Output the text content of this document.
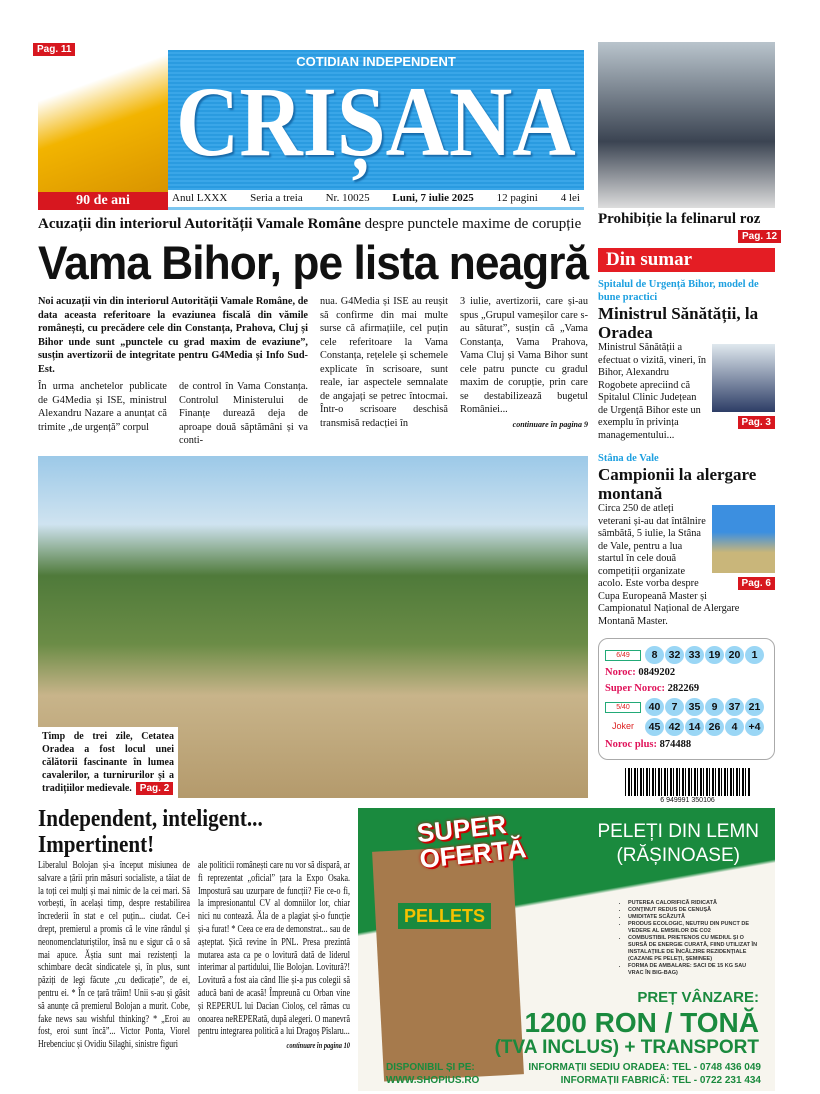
Pag. 11
90 de ani
COTIDIAN INDEPENDENT
CRIȘANA
Anul LXXX Seria a treia Nr. 10025 Luni, 7 iulie 2025 12 pagini 4 lei
Prohibiție la felinarul roz
Pag. 12
Din sumar
Acuzații din interiorul Autorității Vamale Române despre punctele maxime de corupție
Vama Bihor, pe lista neagră
Noi acuzații vin din interiorul Autorității Vamale Române, de data aceasta referitoare la evaziunea fiscală din vămile românești, cu precădere cele din Constanța, Prahova, Cluj și Bihor unde sunt „punctele cu grad maxim de evaziune”, susțin avertizorii de integritate pentru G4Media și Info Sud-Est.
În urma anchetelor publicate de G4Media și ISE, ministrul Alexandru Nazare a anunțat că trimite „de urgență” corpul
de control în Vama Constanța. Controlul Ministerului de Finanțe durează deja de aproape două săptămâni și va conti-
nua. G4Media și ISE au reușit să confirme din mai multe surse că afirmațiile, cel puțin cele referitoare la Vama Constanța, rețelele și schemele explicate în scrisoare, sunt reale, iar aspectele semnalate de angajați se petrec întocmai. Într-o scrisoare deschisă transmisă redacției în
3 iulie, avertizorii, care și-au spus „Grupul vameșilor care s-au săturat”, susțin că „Vama Constanța, Vama Prahova, Vama Cluj și Vama Bihor sunt cele patru puncte cu gradul maxim de corupție, prin care se destabilizează bugetul României...
continuare în pagina 9
Timp de trei zile, Cetatea Oradea a fost locul unei călătorii fascinante în lumea cavalerilor, a turnirurilor și a tradițiilor medievale. Pag. 2
Spitalul de Urgență Bihor, model de bune practici
Ministrul Sănătății, la Oradea
Pag. 3
Ministrul Sănătății a efectuat o vizită, vineri, în Bihor, Alexandru Rogobete apreciind că Spitalul Clinic Județean de Urgență Bihor este un exemplu în privința managementului...
Stâna de Vale
Campionii la alergare montană
Pag. 6
Circa 250 de atleți veterani și-au dat întâlnire sâmbătă, 5 iulie, la Stâna de Vale, pentru a lua startul în cele două competiții organizate acolo. Este vorba despre Cupa Europeană Master și Campionatul Național de Alergare Montană Master.
6/49	8	32 33 19 20	1
Noroc: 0849202
Super Noroc: 282269
5/40	40	7	35	9	37 21
Joker	45 42 14 26	4	+4
Noroc plus: 874488
6 949991 350106
Independent, inteligent... Impertinent!
Liberalul Bolojan și-a început misiunea de salvare a țării prin măsuri socialiste, a tăiat de la toți cei mulți și mai nimic de la cei mari. Să vorbești, în același timp, despre restabilirea încrederii în stat e cel puțin... ciudat. Ce-i drept, premierul a promis că le vine rândul și neonomenclaturiștilor, însă nu e sigur că o să mai apuce. Ăștia sunt mai rezistenți la schimbare decât sindicatele și, în plus, sunt păziți de legi făcute „cu dedicație”, de ei, pentru ei. * În ce țară trăim! Unii s-au și găsit să anunțe că premierul Bolojan a murit. Cobe, fake news sau wishful thinking? * „Eroi au fost, eroi sunt încă”... Victor Ponta, Viorel Hrebenciuc și Ovidiu Silaghi, sinistre figuri
ale politicii românești care nu vor să dispară, ar fi reprezentat „oficial” țara la Expo Osaka. Impostură sau uzurpare de funcții? Fie ce-o fi, la impresionantul CV al domniilor lor, chiar nici nu contează. Ăla de a plagiat și-o funcție și-a furat! * Ceea ce era de demonstrat... sau de așteptat. Șică revine în PNL. Presa prezintă mutarea asta ca pe o lovitură dată de liderul interimar al partidului, Ilie Bolojan. Lovitură?! Lovitură a fost aia când Ilie și-a pus colegii să aducă bani de acasă! Împreună cu Orban vine și REPERUL lui Dacian Cioloș, cel rămas cu onoarea neREPERată, după alegeri. O manevră pentru integrarea politică a lui Dragoș Pîslaru...
continuare în pagina 10
SUPER OFERTĂ
PELLETS
PELEȚI DIN LEMN
(RĂȘINOASE)
• PUTEREA CALORIFICĂ RIDICATĂ
• CONȚINUT REDUS DE CENUȘĂ
• UMIDITATE SCĂZUTĂ
• PRODUS ECOLOGIC, NEUTRU DIN PUNCT DE VEDERE AL EMISIILOR DE CO2
• COMBUSTIBIL PRIETENOS CU MEDIUL ȘI O SURSĂ DE ENERGIE CURATĂ, FIIND UTILIZAT ÎN INSTALAȚIILE DE ÎNCĂLZIRE REZIDENȚIALE (CAZANE PE PELEȚI, ȘEMINEE)
• FORMA DE AMBALARE: SACI DE 15 KG SAU VRAC ÎN BIG-BAG)
PREȚ VÂNZARE:
1200 RON / TONĂ
(TVA INCLUS) + TRANSPORT
DISPONIBIL ȘI PE:
WWW.SHOPIUS.RO
INFORMAȚII SEDIU ORADEA: TEL - 0748 436 049
INFORMAȚII FABRICĂ: TEL - 0722 231 434
